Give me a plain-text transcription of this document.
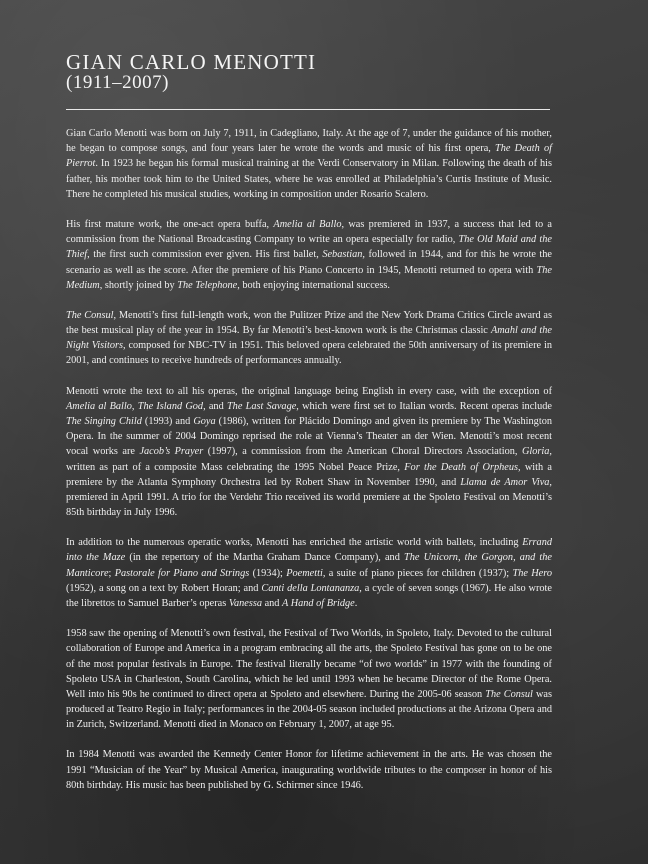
GIAN CARLO MENOTTI
(1911–2007)

Gian Carlo Menotti was born on July 7, 1911, in Cadegliano, Italy. At the age of 7, under the guidance of his mother, he began to compose songs, and four years later he wrote the words and music of his first opera, The Death of Pierrot. In 1923 he began his formal musical training at the Verdi Conservatory in Milan. Following the death of his father, his mother took him to the United States, where he was enrolled at Philadelphia’s Curtis Institute of Music. There he completed his musical studies, working in composition under Rosario Scalero.

His first mature work, the one-act opera buffa, Amelia al Ballo, was premiered in 1937, a success that led to a commission from the National Broadcasting Company to write an opera especially for radio, The Old Maid and the Thief, the first such commission ever given. His first ballet, Sebastian, followed in 1944, and for this he wrote the scenario as well as the score. After the premiere of his Piano Concerto in 1945, Menotti returned to opera with The Medium, shortly joined by The Telephone, both enjoying international success.

The Consul, Menotti’s first full-length work, won the Pulitzer Prize and the New York Drama Critics Circle award as the best musical play of the year in 1954. By far Menotti’s best-known work is the Christmas classic Amahl and the Night Visitors, composed for NBC-TV in 1951. This beloved opera celebrated the 50th anniversary of its premiere in 2001, and continues to receive hundreds of performances annually.

Menotti wrote the text to all his operas, the original language being English in every case, with the exception of Amelia al Ballo, The Island God, and The Last Savage, which were first set to Italian words. Recent operas include The Singing Child (1993) and Goya (1986), written for Plácido Domingo and given its premiere by The Washington Opera. In the summer of 2004 Domingo reprised the role at Vienna’s Theater an der Wien. Menotti’s most recent vocal works are Jacob’s Prayer (1997), a commission from the American Choral Directors Association, Gloria, written as part of a composite Mass celebrating the 1995 Nobel Peace Prize, For the Death of Orpheus, with a premiere by the Atlanta Symphony Orchestra led by Robert Shaw in November 1990, and Llama de Amor Viva, premiered in April 1991. A trio for the Verdehr Trio received its world premiere at the Spoleto Festival on Menotti’s 85th birthday in July 1996.

In addition to the numerous operatic works, Menotti has enriched the artistic world with ballets, including Errand into the Maze (in the repertory of the Martha Graham Dance Company), and The Unicorn, the Gorgon, and the Manticore; Pastorale for Piano and Strings (1934); Poemetti, a suite of piano pieces for children (1937); The Hero (1952), a song on a text by Robert Horan; and Canti della Lontananza, a cycle of seven songs (1967). He also wrote the librettos to Samuel Barber’s operas Vanessa and A Hand of Bridge.

1958 saw the opening of Menotti’s own festival, the Festival of Two Worlds, in Spoleto, Italy. Devoted to the cultural collaboration of Europe and America in a program embracing all the arts, the Spoleto Festival has gone on to be one of the most popular festivals in Europe. The festival literally became “of two worlds” in 1977 with the founding of Spoleto USA in Charleston, South Carolina, which he led until 1993 when he became Director of the Rome Opera. Well into his 90s he continued to direct opera at Spoleto and elsewhere. During the 2005-06 season The Consul was produced at Teatro Regio in Italy; performances in the 2004-05 season included productions at the Arizona Opera and in Zurich, Switzerland. Menotti died in Monaco on February 1, 2007, at age 95.

In 1984 Menotti was awarded the Kennedy Center Honor for lifetime achievement in the arts. He was chosen the 1991 “Musician of the Year” by Musical America, inaugurating worldwide tributes to the composer in honor of his 80th birthday. His music has been published by G. Schirmer since 1946.
